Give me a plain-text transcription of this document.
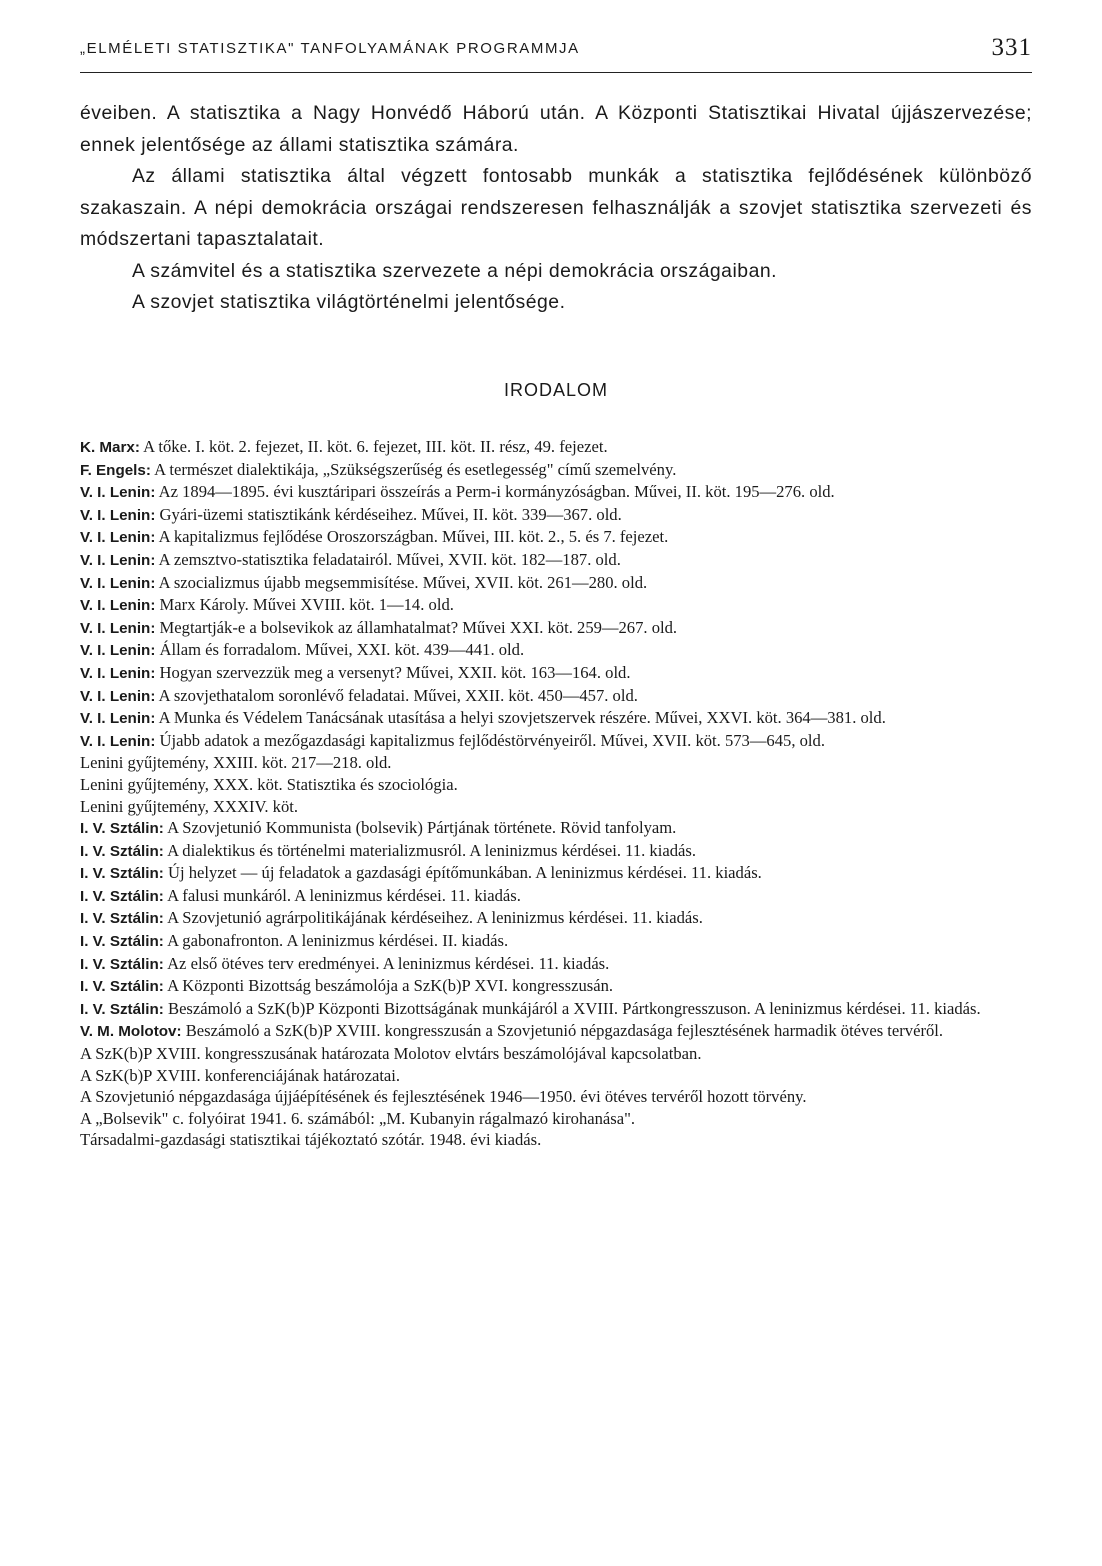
„ELMÉLETI STATISZTIKA" TANFOLYAMÁNAK PROGRAMMJA	331

éveiben. A statisztika a Nagy Honvédő Háború után. A Központi Statisztikai Hivatal újjászervezése; ennek jelentősége az állami statisztika számára.

Az állami statisztika által végzett fontosabb munkák a statisztika fejlődésének különböző szakaszain. A népi demokrácia országai rendszeresen felhasználják a szovjet statisztika szervezeti és módszertani tapasztalatait.

A számvitel és a statisztika szervezete a népi demokrácia országaiban.

A szovjet statisztika világtörténelmi jelentősége.

IRODALOM
K. Marx: A tőke. I. köt. 2. fejezet, II. köt. 6. fejezet, III. köt. II. rész, 49. fejezet.
F. Engels: A természet dialektikája, „Szükségszerűség és esetlegesség" című szemelvény.
V. I. Lenin: Az 1894—1895. évi kusztáripari összeírás a Perm-i kormányzóságban. Művei, II. köt. 195—276. old.
V. I. Lenin: Gyári-üzemi statisztikánk kérdéseihez. Művei, II. köt. 339—367. old.
V. I. Lenin: A kapitalizmus fejlődése Oroszországban. Művei, III. köt. 2., 5. és 7. fejezet.
V. I. Lenin: A zemsztvo-statisztika feladatairól. Művei, XVII. köt. 182—187. old.
V. I. Lenin: A szocializmus újabb megsemmisítése. Művei, XVII. köt. 261—280. old.
V. I. Lenin: Marx Károly. Művei XVIII. köt. 1—14. old.
V. I. Lenin: Megtartják-e a bolsevikok az államhatalmat? Művei XXI. köt. 259—267. old.
V. I. Lenin: Állam és forradalom. Művei, XXI. köt. 439—441. old.
V. I. Lenin: Hogyan szervezzük meg a versenyt? Művei, XXII. köt. 163—164. old.
V. I. Lenin: A szovjethatalom soronlévő feladatai. Művei, XXII. köt. 450—457. old.
V. I. Lenin: A Munka és Védelem Tanácsának utasítása a helyi szovjetszervek részére. Művei, XXVI. köt. 364—381. old.
V. I. Lenin: Újabb adatok a mezőgazdasági kapitalizmus fejlődéstörvényeiről. Művei, XVII. köt. 573—645, old.
Lenini gyűjtemény, XXIII. köt. 217—218. old.
Lenini gyűjtemény, XXX. köt. Statisztika és szociológia.
Lenini gyűjtemény, XXXIV. köt.
I. V. Sztálin: A Szovjetunió Kommunista (bolsevik) Pártjának története. Rövid tanfolyam.
I. V. Sztálin: A dialektikus és történelmi materializmusról. A leninizmus kérdései. 11. kiadás.
I. V. Sztálin: Új helyzet — új feladatok a gazdasági építőmunkában. A leninizmus kérdései. 11. kiadás.
I. V. Sztálin: A falusi munkáról. A leninizmus kérdései. 11. kiadás.
I. V. Sztálin: A Szovjetunió agrárpolitikájának kérdéseihez. A leninizmus kérdései. 11. kiadás.
I. V. Sztálin: A gabonafronton. A leninizmus kérdései. II. kiadás.
I. V. Sztálin: Az első ötéves terv eredményei. A leninizmus kérdései. 11. kiadás.
I. V. Sztálin: A Központi Bizottság beszámolója a SzK(b)P XVI. kongresszusán.
I. V. Sztálin: Beszámoló a SzK(b)P Központi Bizottságának munkájáról a XVIII. Pártkongresszuson. A leninizmus kérdései. 11. kiadás.
V. M. Molotov: Beszámoló a SzK(b)P XVIII. kongresszusán a Szovjetunió népgazdasága fejlesztésének harmadik ötéves tervéről.
A SzK(b)P XVIII. kongresszusának határozata Molotov elvtárs beszámolójával kapcsolatban.
A SzK(b)P XVIII. konferenciájának határozatai.
A Szovjetunió népgazdasága újjáépítésének és fejlesztésének 1946—1950. évi ötéves tervéről hozott törvény.
A „Bolsevik" c. folyóirat 1941. 6. számából: „M. Kubanyin rágalmazó kirohanása".
Társadalmi-gazdasági statisztikai tájékoztató szótár. 1948. évi kiadás.
